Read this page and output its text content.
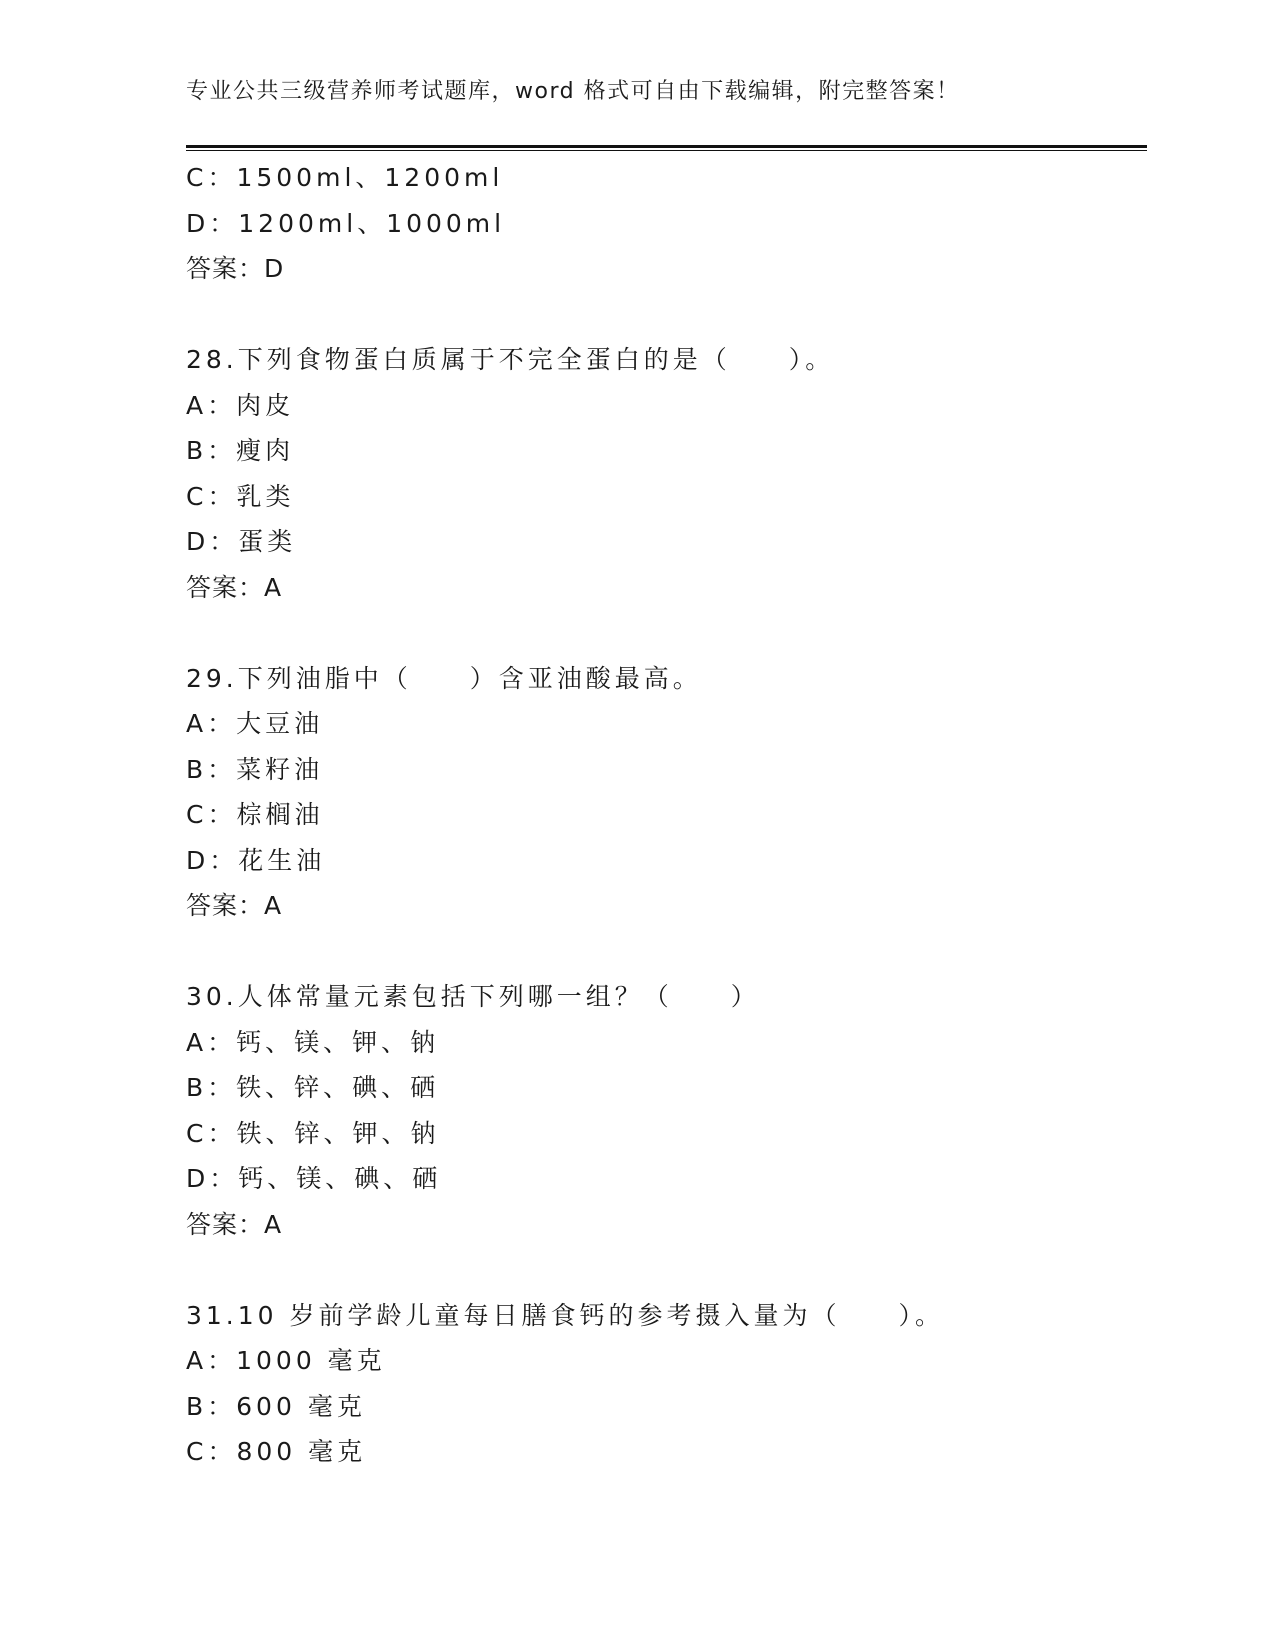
专业公共三级营养师考试题库，word 格式可自由下载编辑，附完整答案！
C：1500ml、1200ml
D：1200ml、1000ml
答案：D
28.下列食物蛋白质属于不完全蛋白的是（　　）。
A：肉皮
B：瘦肉
C：乳类
D：蛋类
答案：A
29.下列油脂中（　　）含亚油酸最高。
A：大豆油
B：菜籽油
C：棕榈油
D：花生油
答案：A
30.人体常量元素包括下列哪一组？（　　）
A：钙、镁、钾、钠
B：铁、锌、碘、硒
C：铁、锌、钾、钠
D：钙、镁、碘、硒
答案：A
31.10 岁前学龄儿童每日膳食钙的参考摄入量为（　　）。
A：1000 毫克
B：600 毫克
C：800 毫克
